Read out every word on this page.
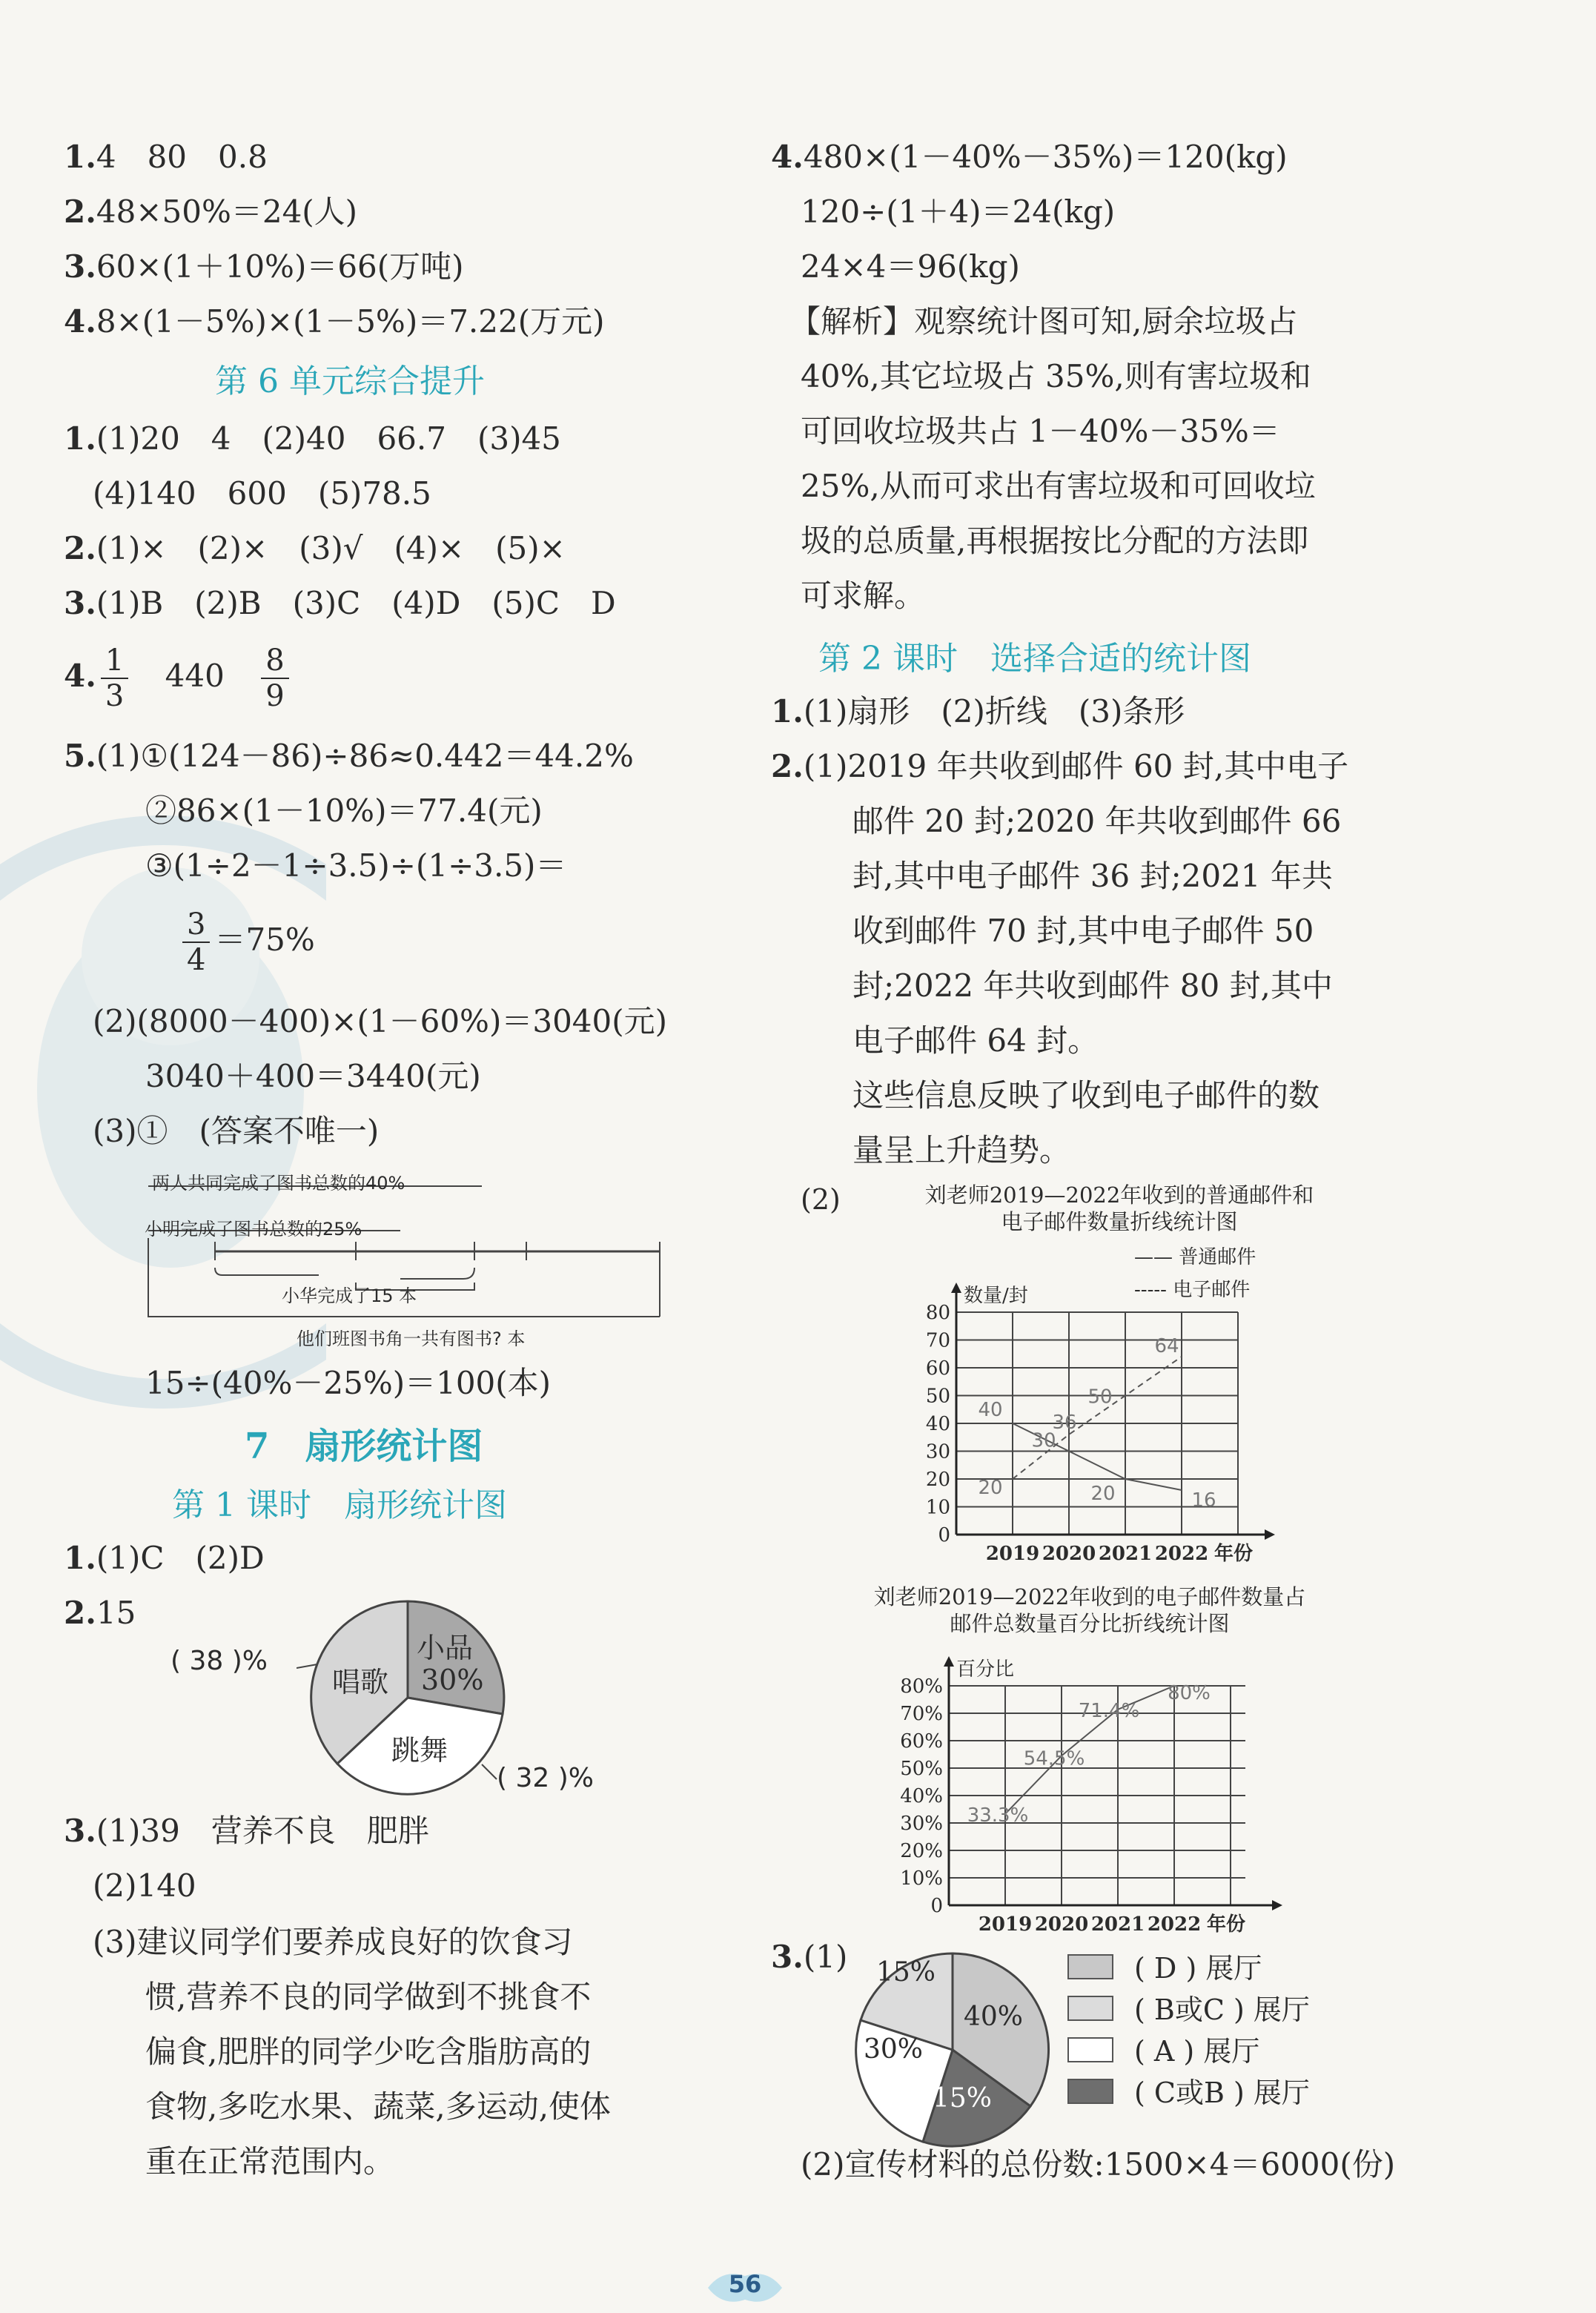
1.4　80　0.8
2.48×50%＝24(人)
3.60×(1＋10%)＝66(万吨)
4.8×(1－5%)×(1－5%)＝7.22(万元)
第 6 单元综合提升
1.(1)20　4　(2)40　66.7　(3)45
(4)140　600　(5)78.5
2.(1)×　(2)×　(3)√　(4)×　(5)×
3.(1)B　(2)B　(3)C　(4)D　(5)C　D
4. $\frac{1}{3} 440 \frac{8}{9}$
5.(1)①(124－86)÷86≈0.442＝44.2%
②86×(1－10%)＝77.4(元)
③(1÷2－1÷3.5)÷(1÷3.5)＝
$\frac{3}{4} =75\%$
(2)(8000－400)×(1－60%)＝3040(元)
3040＋400＝3440(元)
(3)①　(答案不唯一)
两人共同完成了图书总数的40%
小明完成了图书总数的25%
小华完成了15 本
他们班图书角一共有图书? 本
15÷(40%－25%)＝100(本)
7　扇形统计图
第 1 课时　扇形统计图
1.(1)C　(2)D
2.15
( 38 )%
唱歌
小品
30%
跳舞
( 32 )%
3.(1)39　营养不良　肥胖
(2)140
(3)建议同学们要养成良好的饮食习
惯,营养不良的同学做到不挑食不
偏食,肥胖的同学少吃含脂肪高的
食物,多吃水果、蔬菜,多运动,使体
重在正常范围内。
4.480×(1－40%－35%)＝120(kg)
120÷(1＋4)＝24(kg)
24×4＝96(kg)
【解析】观察统计图可知,厨余垃圾占
40%,其它垃圾占 35%,则有害垃圾和
可回收垃圾共占 1－40%－35%＝
25%,从而可求出有害垃圾和可回收垃
圾的总质量,再根据按比分配的方法即
可求解。
第 2 课时　选择合适的统计图
1.(1)扇形　(2)折线　(3)条形
2.(1)2019 年共收到邮件 60 封,其中电子
邮件 20 封;2020 年共收到邮件 66
封,其中电子邮件 36 封;2021 年共
收到邮件 70 封,其中电子邮件 50
封;2022 年共收到邮件 80 封,其中
电子邮件 64 封。
这些信息反映了收到电子邮件的数
量呈上升趋势。
(2)	刘老师2019—2022年收到的普通邮件和
电子邮件数量折线统计图
0
10
20
30
40
50
60
70
80
数量/封
2019 2020 2021 2022 年份
40
30
20	16
20
36
50
64
—— 普通邮件
----- 电子邮件
刘老师2019—2022年收到的电子邮件数量占
邮件总数量百分比折线统计图
0
10%
20%
30%
40%
50%
60%
70%
80%
百分比
2019 2020 2021 2022 年份
33.3%
54.5%
71.4%
80%
3.(1) 15%
40%
30%
15%
( D ) 展厅
( B或C ) 展厅
( A ) 展厅
( C或B ) 展厅
(2)宣传材料的总份数:1500×4＝6000(份)
56
